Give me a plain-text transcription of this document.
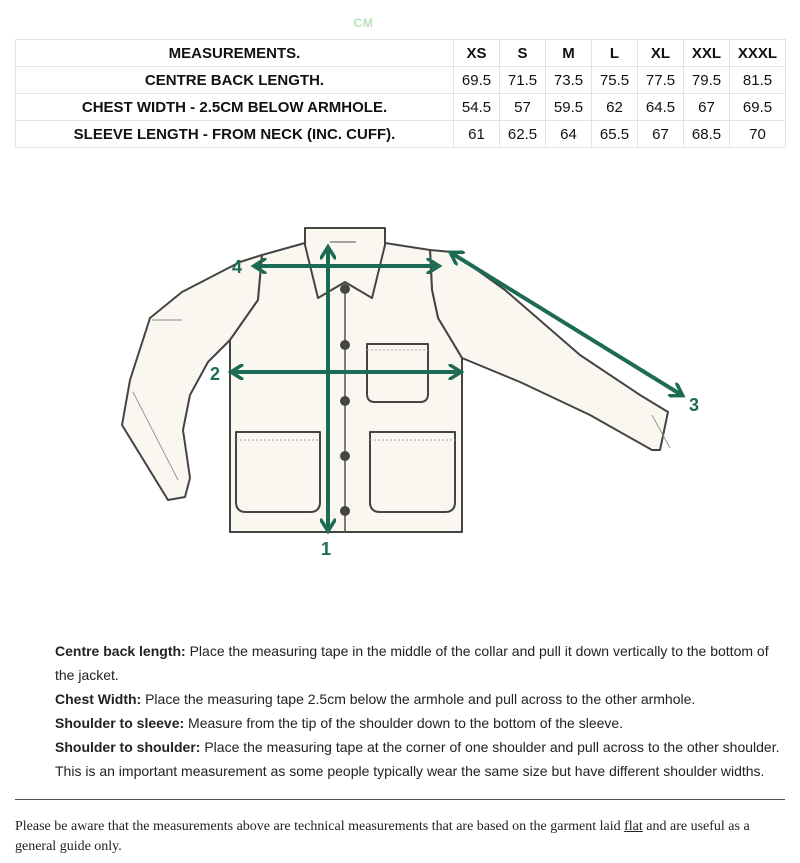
CM
MEASUREMENTS.	XS	S	M	L	XL	XXL	XXXL
CENTRE BACK LENGTH.	69.5	71.5	73.5	75.5	77.5	79.5	81.5
CHEST WIDTH - 2.5CM BELOW ARMHOLE.	54.5	57	59.5	62	64.5	67	69.5
SLEEVE LENGTH - FROM NECK (INC. CUFF).	61	62.5	64	65.5	67	68.5	70
1
2
3
4

Centre back length: Place the measuring tape in the middle of the collar and pull it down vertically to the bottom of the jacket.

Chest Width: Place the measuring tape 2.5cm below the armhole and pull across to the other armhole.

Shoulder to sleeve: Measure from the tip of the shoulder down to the bottom of the sleeve.

Shoulder to shoulder: Place the measuring tape at the corner of one shoulder and pull across to the other shoulder. This is an important measurement as some people typically wear the same size but have different shoulder widths.

Please be aware that the measurements above are technical measurements that are based on the garment laid flat and are useful as a general guide only.
